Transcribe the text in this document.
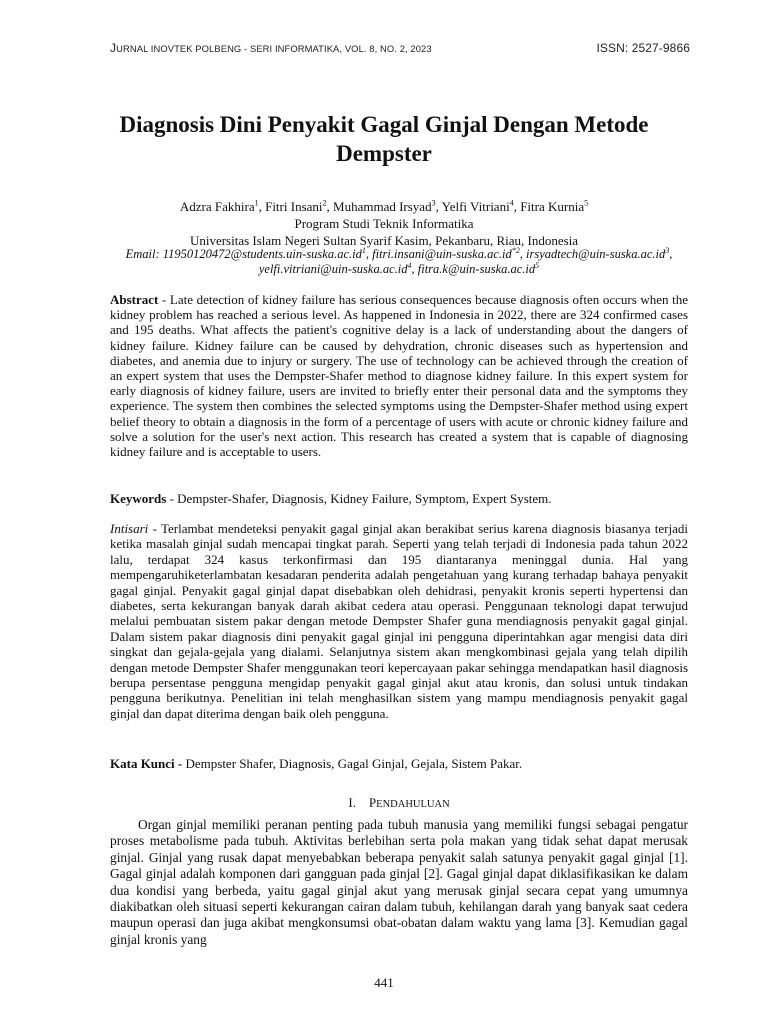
JURNAL INOVTEK POLBENG - SERI INFORMATIKA, VOL. 8, NO. 2, 2023	ISSN: 2527-9866
Diagnosis Dini Penyakit Gagal Ginjal Dengan Metode Dempster
Adzra Fakhira$^1$, Fitri Insani$^2$, Muhammad Irsyad$^3$, Yelfi Vitriani$^4$, Fitra Kurnia$^5$
Program Studi Teknik Informatika
Universitas Islam Negeri Sultan Syarif Kasim, Pekanbaru, Riau, Indonesia
Email: $11950120472@students.uin-suska.ac.id^1$, $fitri.insani@uin-suska.ac.id^{*2}$, $irsyadtech@uin-suska.ac.id^3$, $yelfi.vitriani@uin-suska.ac.id^4$, $fitra.k@uin-suska.ac.id^5$
Abstract - Late detection of kidney failure has serious consequences because diagnosis often occurs when the kidney problem has reached a serious level. As happened in Indonesia in 2022, there are 324 confirmed cases and 195 deaths. What affects the patient's cognitive delay is a lack of understanding about the dangers of kidney failure. Kidney failure can be caused by dehydration, chronic diseases such as hypertension and diabetes, and anemia due to injury or surgery. The use of technology can be achieved through the creation of an expert system that uses the Dempster-Shafer method to diagnose kidney failure. In this expert system for early diagnosis of kidney failure, users are invited to briefly enter their personal data and the symptoms they experience. The system then combines the selected symptoms using the Dempster-Shafer method using expert belief theory to obtain a diagnosis in the form of a percentage of users with acute or chronic kidney failure and solve a solution for the user's next action. This research has created a system that is capable of diagnosing kidney failure and is acceptable to users.
Keywords - Dempster-Shafer, Diagnosis, Kidney Failure, Symptom, Expert System.
Intisari - Terlambat mendeteksi penyakit gagal ginjal akan berakibat serius karena diagnosis biasanya terjadi ketika masalah ginjal sudah mencapai tingkat parah. Seperti yang telah terjadi di Indonesia pada tahun 2022 lalu, terdapat 324 kasus terkonfirmasi dan 195 diantaranya meninggal dunia. Hal yang mempengaruhiketerlambatan kesadaran penderita adalah pengetahuan yang kurang terhadap bahaya penyakit gagal ginjal. Penyakit gagal ginjal dapat disebabkan oleh dehidrasi, penyakit kronis seperti hypertensi dan diabetes, serta kekurangan banyak darah akibat cedera atau operasi. Penggunaan teknologi dapat terwujud melalui pembuatan sistem pakar dengan metode Dempster Shafer guna mendiagnosis penyakit gagal ginjal. Dalam sistem pakar diagnosis dini penyakit gagal ginjal ini pengguna diperintahkan agar mengisi data diri singkat dan gejala-gejala yang dialami. Selanjutnya sistem akan mengkombinasi gejala yang telah dipilih dengan metode Dempster Shafer menggunakan teori kepercayaan pakar sehingga mendapatkan hasil diagnosis berupa persentase pengguna mengidap penyakit gagal ginjal akut atau kronis, dan solusi untuk tindakan pengguna berikutnya. Penelitian ini telah menghasilkan sistem yang mampu mendiagnosis penyakit gagal ginjal dan dapat diterima dengan baik oleh pengguna.
Kata Kunci - Dempster Shafer, Diagnosis, Gagal Ginjal, Gejala, Sistem Pakar.
I. PENDAHULUAN
Organ ginjal memiliki peranan penting pada tubuh manusia yang memiliki fungsi sebagai pengatur proses metabolisme pada tubuh. Aktivitas berlebihan serta pola makan yang tidak sehat dapat merusak ginjal. Ginjal yang rusak dapat menyebabkan beberapa penyakit salah satunya penyakit gagal ginjal [1]. Gagal ginjal adalah komponen dari gangguan pada ginjal [2]. Gagal ginjal dapat diklasifikasikan ke dalam dua kondisi yang berbeda, yaitu gagal ginjal akut yang merusak ginjal secara cepat yang umumnya diakibatkan oleh situasi seperti kekurangan cairan dalam tubuh, kehilangan darah yang banyak saat cedera maupun operasi dan juga akibat mengkonsumsi obat-obatan dalam waktu yang lama [3]. Kemudian gagal ginjal kronis yang
441
